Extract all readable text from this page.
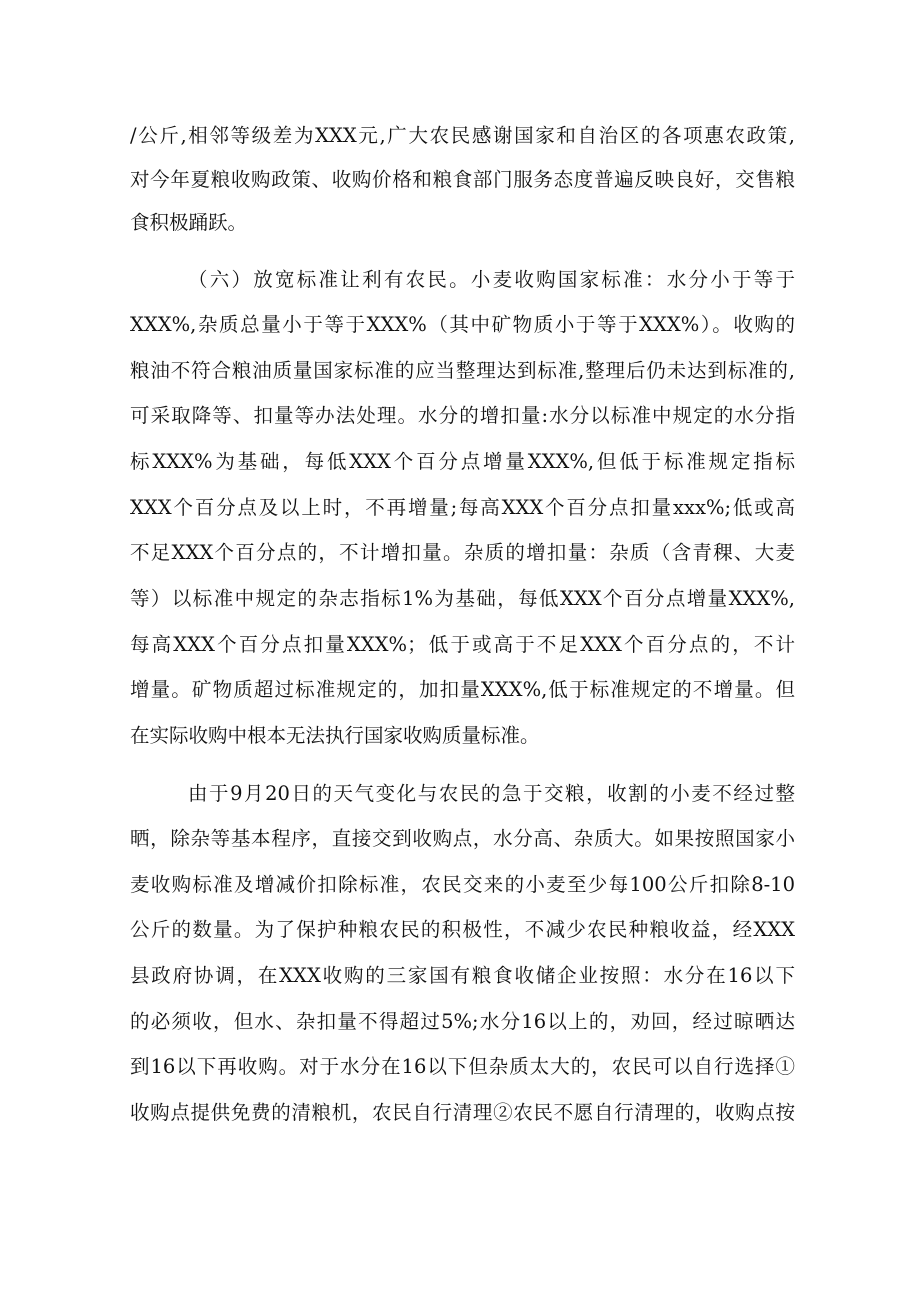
/公斤,相邻等级差为XXX元,广大农民感谢国家和自治区的各项惠农政策,
对今年夏粮收购政策、收购价格和粮食部门服务态度普遍反映良好，交售粮
食积极踊跃。
（六）放宽标准让利有农民。小麦收购国家标准：水分小于等于
XXX%,杂质总量小于等于XXX%（其中矿物质小于等于XXX%）。收购的
粮油不符合粮油质量国家标准的应当整理达到标准,整理后仍未达到标准的,
可采取降等、扣量等办法处理。水分的增扣量:水分以标准中规定的水分指
标XXX%为基础，每低XXX个百分点增量XXX%,但低于标准规定指标
XXX个百分点及以上时，不再增量;每高XXX个百分点扣量xxx%;低或高
不足XXX个百分点的，不计增扣量。杂质的增扣量：杂质（含青稞、大麦
等）以标准中规定的杂志指标1%为基础，每低XXX个百分点增量XXX%,
每高XXX个百分点扣量XXX%；低于或高于不足XXX个百分点的，不计
增量。矿物质超过标准规定的，加扣量XXX%,低于标准规定的不增量。但
在实际收购中根本无法执行国家收购质量标准。
由于9月20日的天气变化与农民的急于交粮，收割的小麦不经过整
晒，除杂等基本程序，直接交到收购点，水分高、杂质大。如果按照国家小
麦收购标准及增减价扣除标准，农民交来的小麦至少每100公斤扣除8-10
公斤的数量。为了保护种粮农民的积极性，不减少农民种粮收益，经XXX
县政府协调，在XXX收购的三家国有粮食收储企业按照：水分在16以下
的必须收，但水、杂扣量不得超过5%;水分16以上的，劝回，经过晾晒达
到16以下再收购。对于水分在16以下但杂质太大的，农民可以自行选择①
收购点提供免费的清粮机，农民自行清理②农民不愿自行清理的，收购点按
